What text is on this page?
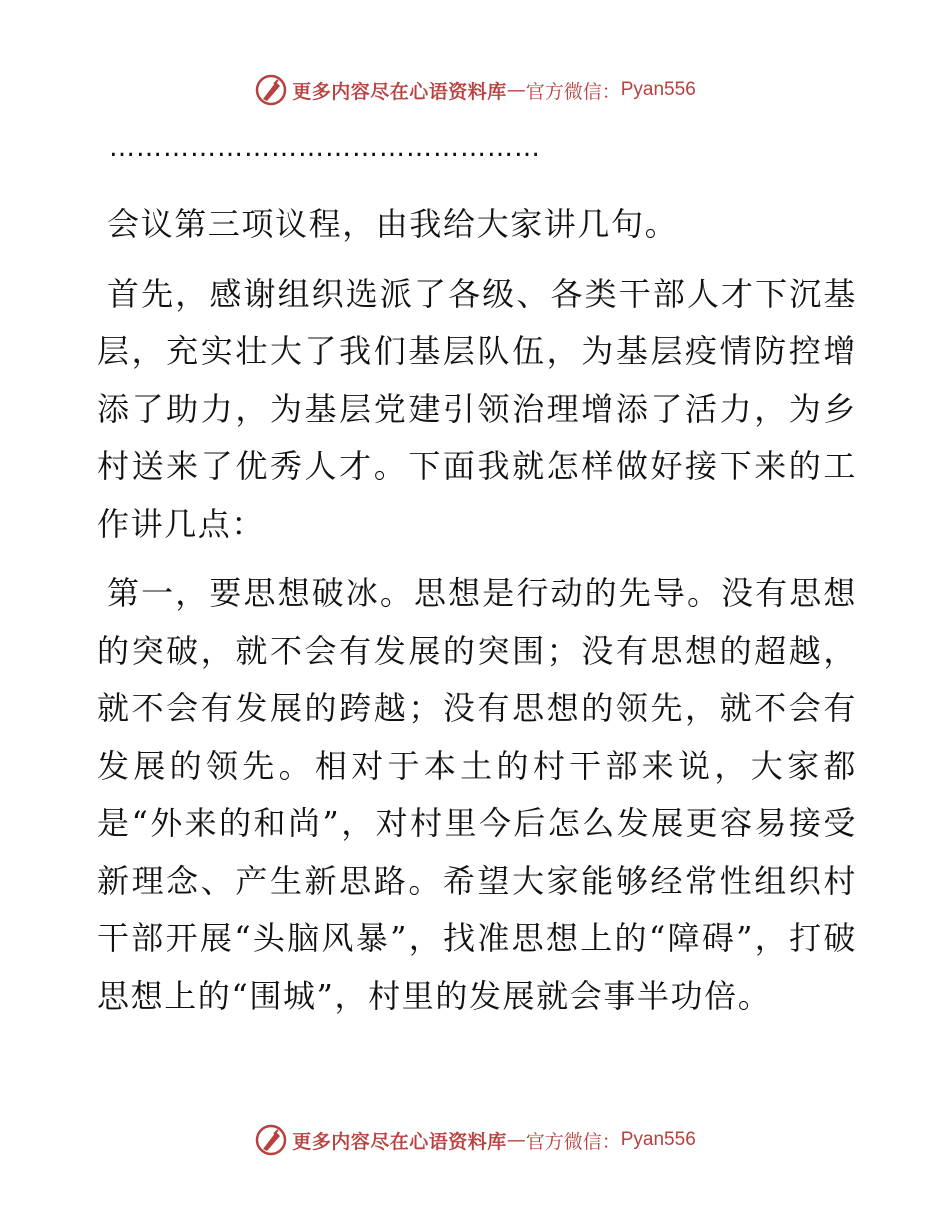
更多内容尽在心语资料库 — 官方微信： Pyan556
…………………………………………

会议第三项议程，由我给大家讲几句。

首先，感谢组织选派了各级、各类干部人才下沉基层，充实壮大了我们基层队伍，为基层疫情防控增添了助力，为基层党建引领治理增添了活力，为乡村送来了优秀人才。下面我就怎样做好接下来的工作讲几点：

第一，要思想破冰。思想是行动的先导。没有思想的突破，就不会有发展的突围；没有思想的超越，就不会有发展的跨越；没有思想的领先，就不会有发展的领先。相对于本土的村干部来说，大家都是“外来的和尚”，对村里今后怎么发展更容易接受新理念、产生新思路。希望大家能够经常性组织村干部开展“头脑风暴”，找准思想上的“障碍”，打破思想上的“围城”，村里的发展就会事半功倍。

更多内容尽在心语资料库 — 官方微信： Pyan556
